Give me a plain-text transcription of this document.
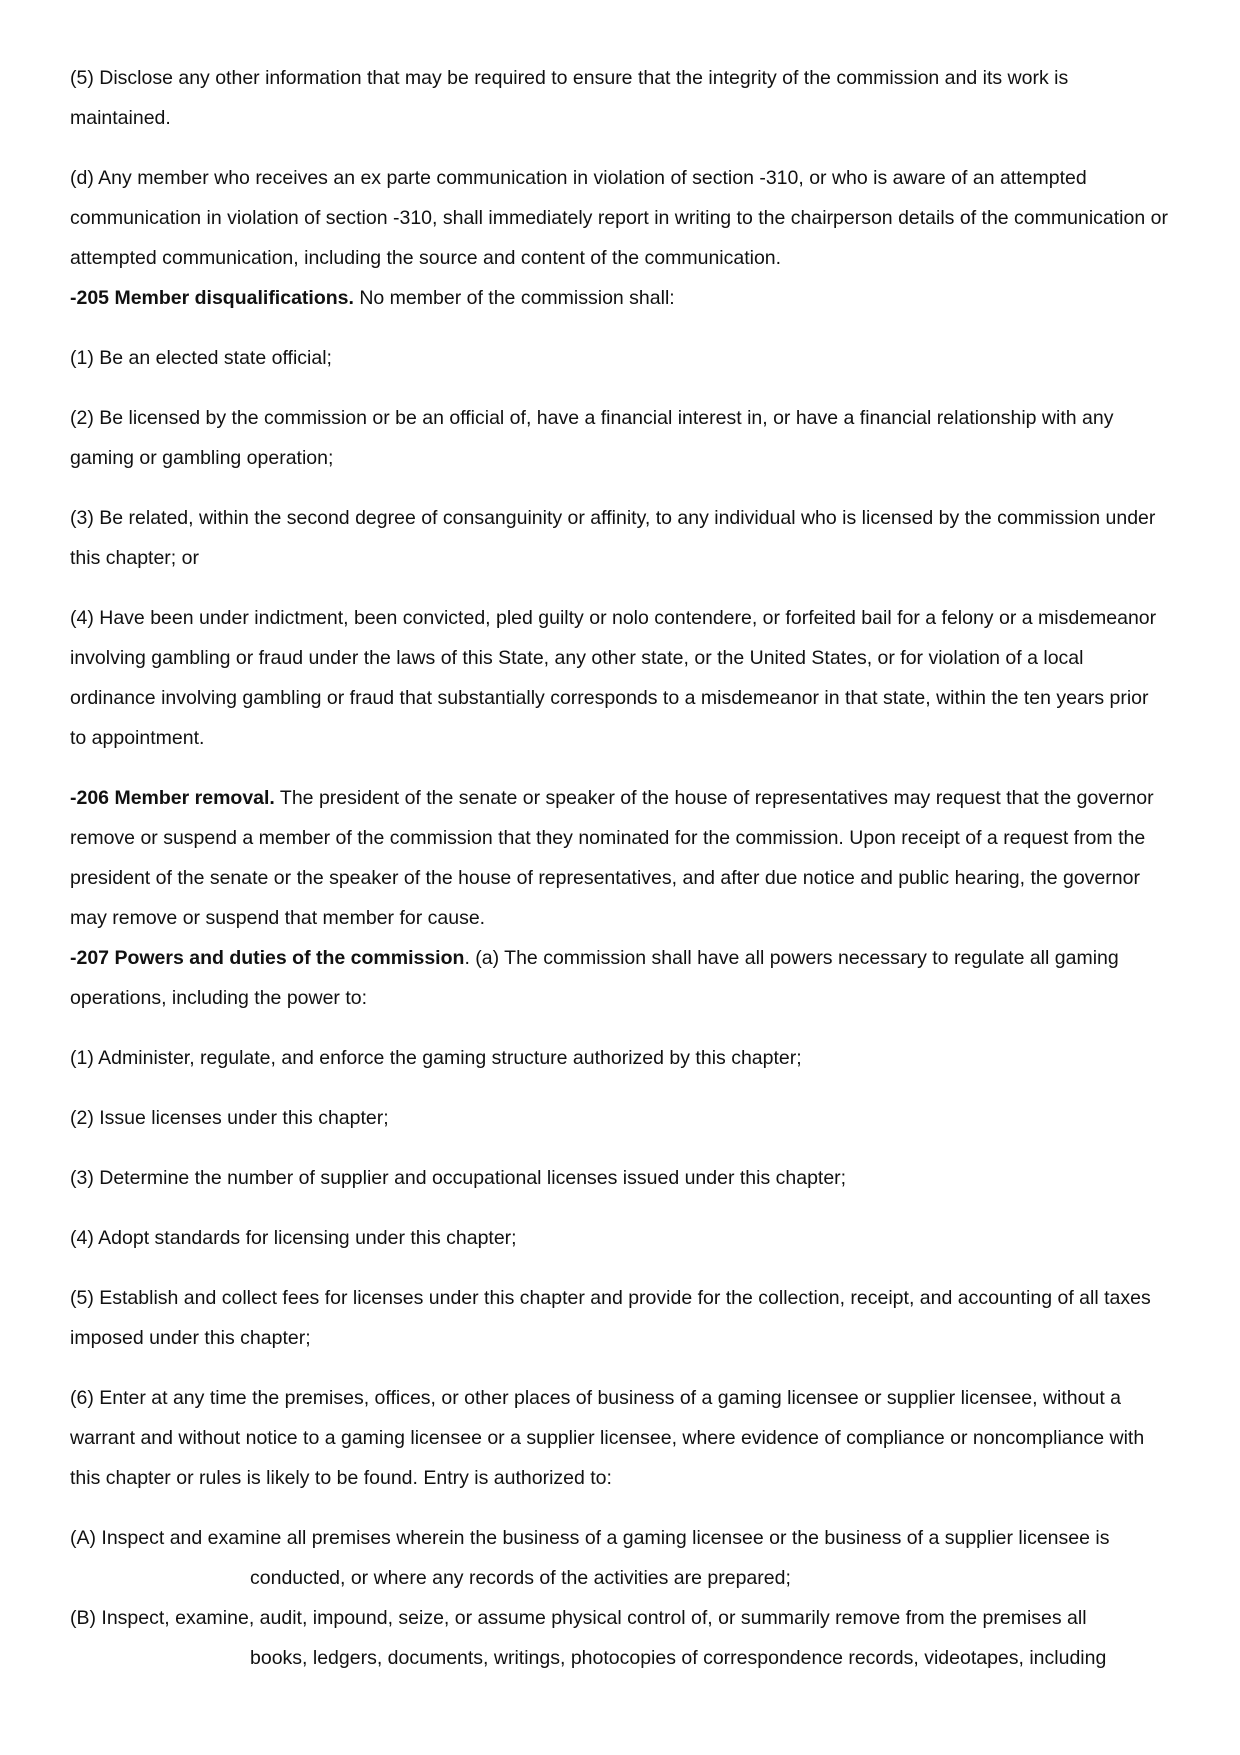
(5) Disclose any other information that may be required to ensure that the integrity of the commission and its work is maintained.

(d) Any member who receives an ex parte communication in violation of section -310, or who is aware of an attempted communication in violation of section -310, shall immediately report in writing to the chairperson details of the communication or attempted communication, including the source and content of the communication.

-205 Member disqualifications. No member of the commission shall:

(1) Be an elected state official;

(2) Be licensed by the commission or be an official of, have a financial interest in, or have a financial relationship with any gaming or gambling operation;

(3) Be related, within the second degree of consanguinity or affinity, to any individual who is licensed by the commission under this chapter; or

(4) Have been under indictment, been convicted, pled guilty or nolo contendere, or forfeited bail for a felony or a misdemeanor involving gambling or fraud under the laws of this State, any other state, or the United States, or for violation of a local ordinance involving gambling or fraud that substantially corresponds to a misdemeanor in that state, within the ten years prior to appointment.

-206 Member removal. The president of the senate or speaker of the house of representatives may request that the governor remove or suspend a member of the commission that they nominated for the commission. Upon receipt of a request from the president of the senate or the speaker of the house of representatives, and after due notice and public hearing, the governor may remove or suspend that member for cause.

-207 Powers and duties of the commission. (a) The commission shall have all powers necessary to regulate all gaming operations, including the power to:

(1) Administer, regulate, and enforce the gaming structure authorized by this chapter;

(2) Issue licenses under this chapter;

(3) Determine the number of supplier and occupational licenses issued under this chapter;

(4) Adopt standards for licensing under this chapter;

(5) Establish and collect fees for licenses under this chapter and provide for the collection, receipt, and accounting of all taxes imposed under this chapter;

(6) Enter at any time the premises, offices, or other places of business of a gaming licensee or supplier licensee, without a warrant and without notice to a gaming licensee or a supplier licensee, where evidence of compliance or noncompliance with this chapter or rules is likely to be found. Entry is authorized to:

(A) Inspect and examine all premises wherein the business of a gaming licensee or the business of a supplier licensee is
conducted, or where any records of the activities are prepared;

(B) Inspect, examine, audit, impound, seize, or assume physical control of, or summarily remove from the premises all
books, ledgers, documents, writings, photocopies of correspondence records, videotapes, including
